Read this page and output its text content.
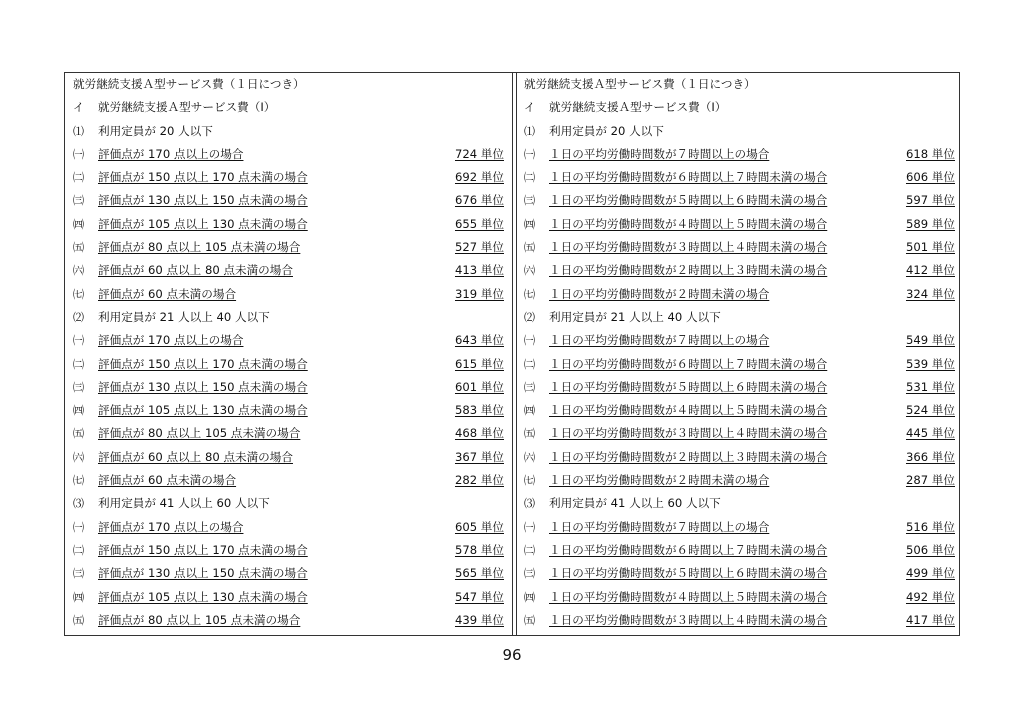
就労継続支援Ａ型サービス費（１日につき）
イ	就労継続支援Ａ型サービス費（Ⅰ）
⑴	利用定員が 20 人以下
㈠	評価点が 170 点以上の場合	724 単位
㈡	評価点が 150 点以上 170 点未満の場合	692 単位
㈢	評価点が 130 点以上 150 点未満の場合	676 単位
㈣	評価点が 105 点以上 130 点未満の場合	655 単位
㈤	評価点が 80 点以上 105 点未満の場合	527 単位
㈥	評価点が 60 点以上 80 点未満の場合	413 単位
㈦	評価点が 60 点未満の場合	319 単位
⑵	利用定員が 21 人以上 40 人以下
㈠	評価点が 170 点以上の場合	643 単位
㈡	評価点が 150 点以上 170 点未満の場合	615 単位
㈢	評価点が 130 点以上 150 点未満の場合	601 単位
㈣	評価点が 105 点以上 130 点未満の場合	583 単位
㈤	評価点が 80 点以上 105 点未満の場合	468 単位
㈥	評価点が 60 点以上 80 点未満の場合	367 単位
㈦	評価点が 60 点未満の場合	282 単位
⑶	利用定員が 41 人以上 60 人以下
㈠	評価点が 170 点以上の場合	605 単位
㈡	評価点が 150 点以上 170 点未満の場合	578 単位
㈢	評価点が 130 点以上 150 点未満の場合	565 単位
㈣	評価点が 105 点以上 130 点未満の場合	547 単位
㈤	評価点が 80 点以上 105 点未満の場合	439 単位
就労継続支援Ａ型サービス費（１日につき）
イ	就労継続支援Ａ型サービス費（Ⅰ）
⑴	利用定員が 20 人以下
㈠	１日の平均労働時間数が７時間以上の場合	618 単位
㈡	１日の平均労働時間数が６時間以上７時間未満の場合	606 単位
㈢	１日の平均労働時間数が５時間以上６時間未満の場合	597 単位
㈣	１日の平均労働時間数が４時間以上５時間未満の場合	589 単位
㈤	１日の平均労働時間数が３時間以上４時間未満の場合	501 単位
㈥	１日の平均労働時間数が２時間以上３時間未満の場合	412 単位
㈦	１日の平均労働時間数が２時間未満の場合	324 単位
⑵	利用定員が 21 人以上 40 人以下
㈠	１日の平均労働時間数が７時間以上の場合	549 単位
㈡	１日の平均労働時間数が６時間以上７時間未満の場合	539 単位
㈢	１日の平均労働時間数が５時間以上６時間未満の場合	531 単位
㈣	１日の平均労働時間数が４時間以上５時間未満の場合	524 単位
㈤	１日の平均労働時間数が３時間以上４時間未満の場合	445 単位
㈥	１日の平均労働時間数が２時間以上３時間未満の場合	366 単位
㈦	１日の平均労働時間数が２時間未満の場合	287 単位
⑶	利用定員が 41 人以上 60 人以下
㈠	１日の平均労働時間数が７時間以上の場合	516 単位
㈡	１日の平均労働時間数が６時間以上７時間未満の場合	506 単位
㈢	１日の平均労働時間数が５時間以上６時間未満の場合	499 単位
㈣	１日の平均労働時間数が４時間以上５時間未満の場合	492 単位
㈤	１日の平均労働時間数が３時間以上４時間未満の場合	417 単位
96
